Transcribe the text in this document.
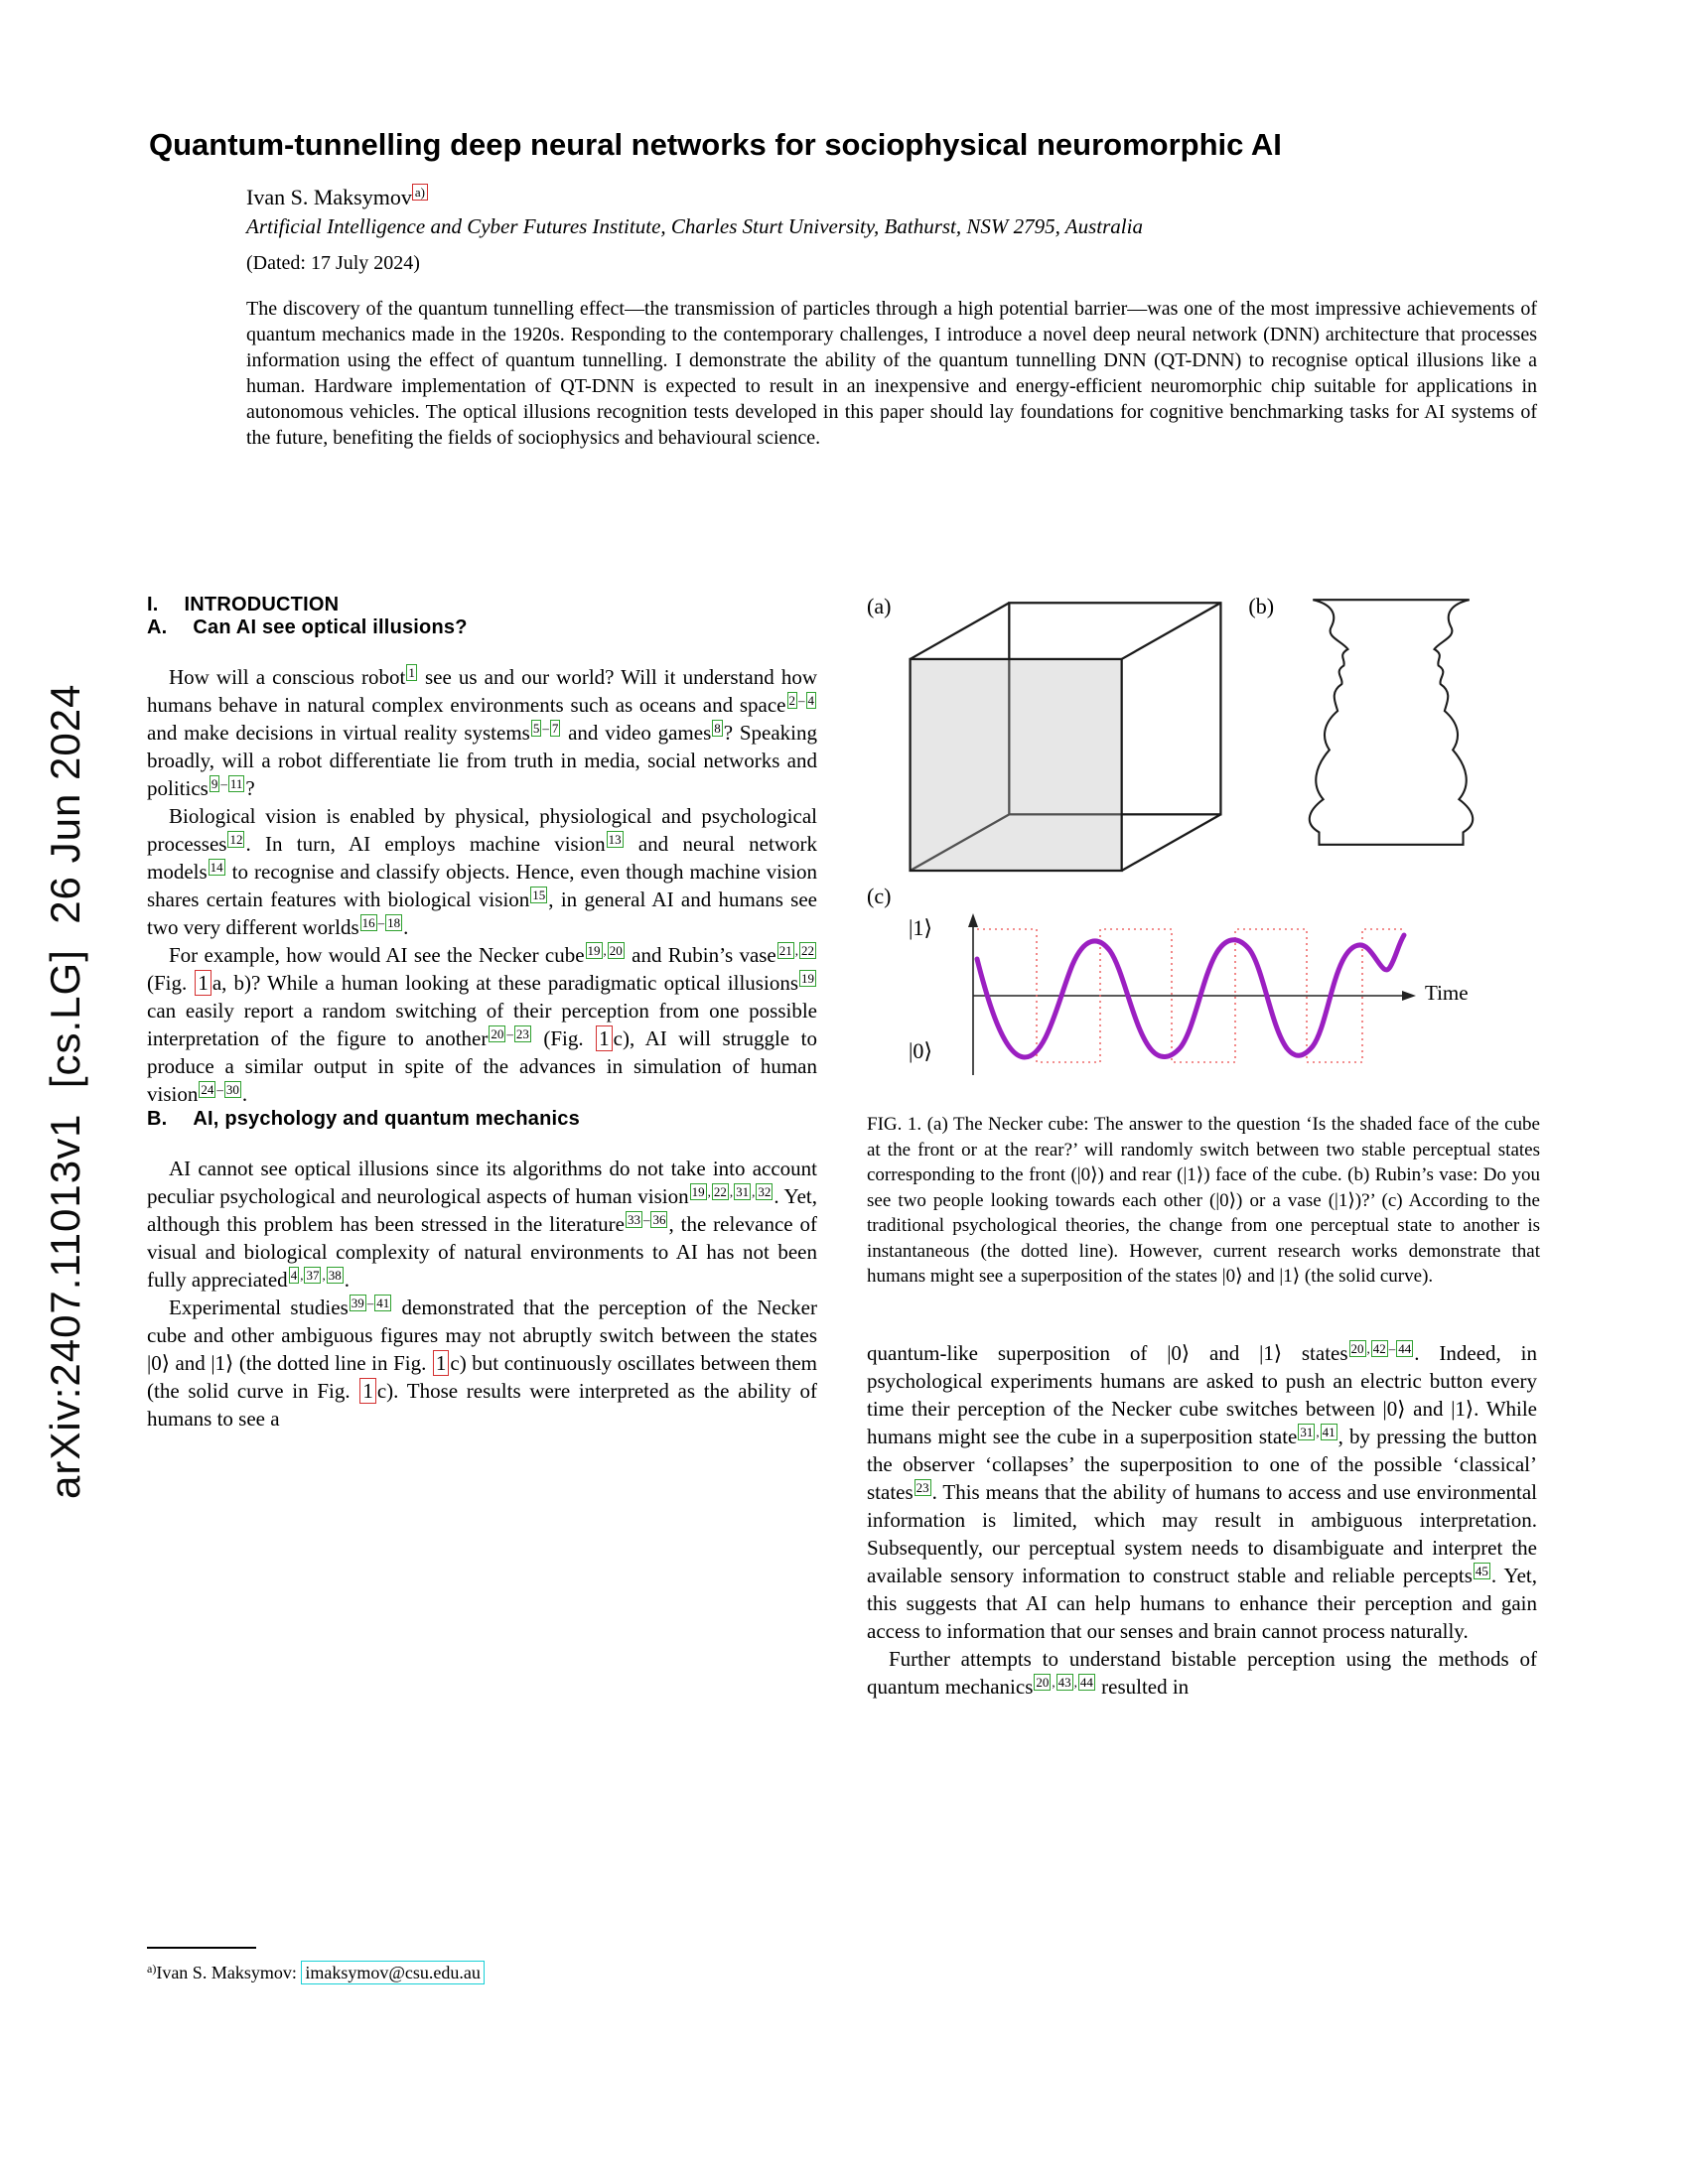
arXiv:2407.11013v1  [cs.LG]  26 Jun 2024
Quantum-tunnelling deep neural networks for sociophysical neuromorphic AI
Ivan S. Maksymov $^{a)}$
Artificial Intelligence and Cyber Futures Institute, Charles Sturt University, Bathurst, NSW 2795, Australia
(Dated: 17 July 2024)
The discovery of the quantum tunnelling effect—the transmission of particles through a high potential barrier—was one of the most impressive achievements of quantum mechanics made in the 1920s. Responding to the contemporary challenges, I introduce a novel deep neural network (DNN) architecture that processes information using the effect of quantum tunnelling. I demonstrate the ability of the quantum tunnelling DNN (QT-DNN) to recognise optical illusions like a human. Hardware implementation of QT-DNN is expected to result in an inexpensive and energy-efficient neuromorphic chip suitable for applications in autonomous vehicles. The optical illusions recognition tests developed in this paper should lay foundations for cognitive benchmarking tasks for AI systems of the future, benefiting the fields of sociophysics and behavioural science.
I. INTRODUCTION
A. Can AI see optical illusions?

How will a conscious robot $^1$ see us and our world? Will it understand how humans behave in natural complex environments such as oceans and space $^2$ – $^4$ and make decisions in virtual reality systems $^5$ – $^7$ and video games $^8$ ? Speaking broadly, will a robot differentiate lie from truth in media, social networks and politics $^9$ – $^{11}$ ?

Biological vision is enabled by physical, physiological and psychological processes $^{12}$ . In turn, AI employs machine vision $^{13}$ and neural network models $^{14}$ to recognise and classify objects. Hence, even though machine vision shares certain features with biological vision $^{15}$ , in general AI and humans see two very different worlds $^{16}$ – $^{18}$ .

For example, how would AI see the Necker cube $^{19}$ , $^{20}$ and Rubin’s vase $^{21}$ , $^{22}$ (Fig. 1 a, b)? While a human looking at these paradigmatic optical illusions $^{19}$ can easily report a random switching of their perception from one possible interpretation of the figure to another $^{20}$ – $^{23}$ (Fig. 1 c), AI will struggle to produce a similar output in spite of the advances in simulation of human vision $^{24}$ – $^{30}$ .

B. AI, psychology and quantum mechanics

AI cannot see optical illusions since its algorithms do not take into account peculiar psychological and neurological aspects of human vision $^{19}$ , $^{22}$ , $^{31}$ , $^{32}$ . Yet, although this problem has been stressed in the literature $^{33}$ – $^{36}$ , the relevance of visual and biological complexity of natural environments to AI has not been fully appreciated $^4$ , $^{37}$ , $^{38}$ .

Experimental studies $^{39}$ – $^{41}$ demonstrated that the perception of the Necker cube and other ambiguous figures may not abruptly switch between the states |0⟩ and |1⟩ (the dotted line in Fig. 1 c) but continuously oscillates between them (the solid curve in Fig. 1 c). Those results were interpreted as the ability of humans to see a

$^{a)}$Ivan S. Maksymov: imaksymov@csu.edu.au
(a)	(b)
(c)
|1⟩
|0⟩
Time
FIG. 1. (a) The Necker cube: The answer to the question ‘Is the shaded face of the cube at the front or at the rear?’ will randomly switch between two stable perceptual states corresponding to the front (|0⟩) and rear (|1⟩) face of the cube. (b) Rubin’s vase: Do you see two people looking towards each other (|0⟩) or a vase (|1⟩)?’ (c) According to the traditional psychological theories, the change from one perceptual state to another is instantaneous (the dotted line). However, current research works demonstrate that humans might see a superposition of the states |0⟩ and |1⟩ (the solid curve).

quantum-like superposition of |0⟩ and |1⟩ states $^{20}$ , $^{42}$ – $^{44}$ . Indeed, in psychological experiments humans are asked to push an electric button every time their perception of the Necker cube switches between |0⟩ and |1⟩. While humans might see the cube in a superposition state $^{31}$ , $^{41}$ , by pressing the button the observer ‘collapses’ the superposition to one of the possible ‘classical’ states $^{23}$ . This means that the ability of humans to access and use environmental information is limited, which may result in ambiguous interpretation. Subsequently, our perceptual system needs to disambiguate and interpret the available sensory information to construct stable and reliable percepts $^{45}$ . Yet, this suggests that AI can help humans to enhance their perception and gain access to information that our senses and brain cannot process naturally.

Further attempts to understand bistable perception using the methods of quantum mechanics $^{20}$ , $^{43}$ , $^{44}$ resulted in
